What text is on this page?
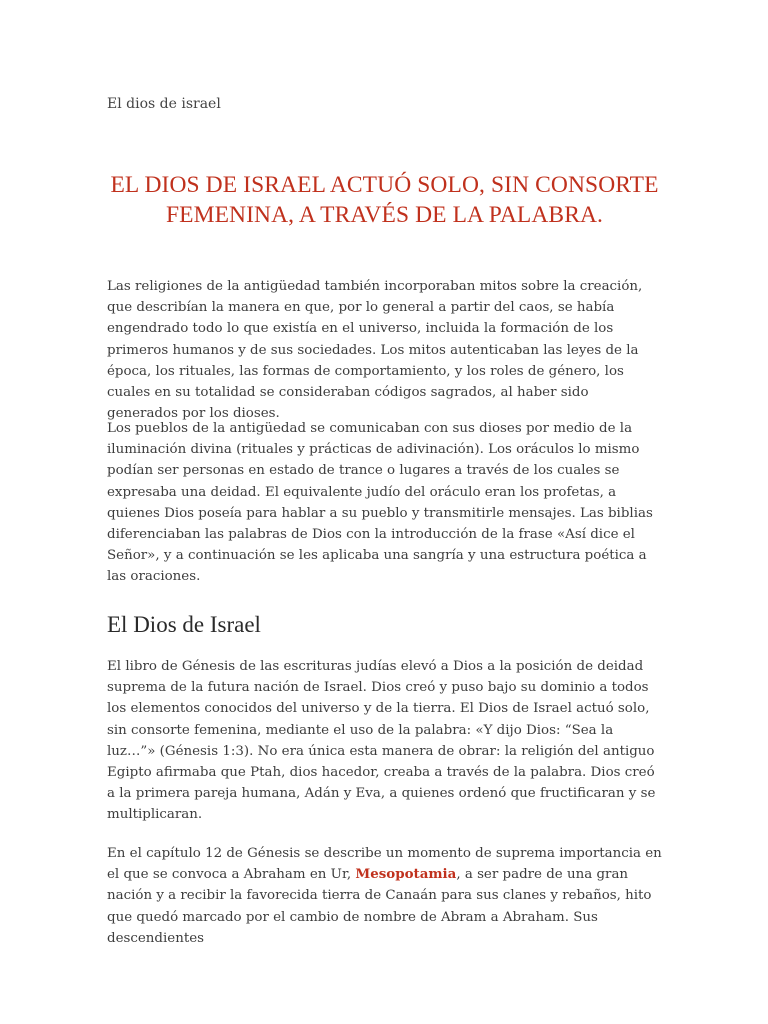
El dios de israel
EL DIOS DE ISRAEL ACTUÓ SOLO, SIN CONSORTE FEMENINA, A TRAVÉS DE LA PALABRA.

Las religiones de la antigüedad también incorporaban mitos sobre la creación, que describían la manera en que, por lo general a partir del caos, se había engendrado todo lo que existía en el universo, incluida la formación de los primeros humanos y de sus sociedades. Los mitos autenticaban las leyes de la época, los rituales, las formas de comportamiento, y los roles de género, los cuales en su totalidad se consideraban códigos sagrados, al haber sido generados por los dioses.

Los pueblos de la antigüedad se comunicaban con sus dioses por medio de la iluminación divina (rituales y prácticas de adivinación). Los oráculos lo mismo podían ser personas en estado de trance o lugares a través de los cuales se expresaba una deidad. El equivalente judío del oráculo eran los profetas, a quienes Dios poseía para hablar a su pueblo y transmitirle mensajes. Las biblias diferenciaban las palabras de Dios con la introducción de la frase «Así dice el Señor», y a continuación se les aplicaba una sangría y una estructura poética a las oraciones.

El Dios de Israel

El libro de Génesis de las escrituras judías elevó a Dios a la posición de deidad suprema de la futura nación de Israel. Dios creó y puso bajo su dominio a todos los elementos conocidos del universo y de la tierra. El Dios de Israel actuó solo, sin consorte femenina, mediante el uso de la palabra: «Y dijo Dios: “Sea la luz…”» (Génesis 1:3). No era única esta manera de obrar: la religión del antiguo Egipto afirmaba que Ptah, dios hacedor, creaba a través de la palabra. Dios creó a la primera pareja humana, Adán y Eva, a quienes ordenó que fructificaran y se multiplicaran.

En el capítulo 12 de Génesis se describe un momento de suprema importancia en el que se convoca a Abraham en Ur, Mesopotamia, a ser padre de una gran nación y a recibir la favorecida tierra de Canaán para sus clanes y rebaños, hito que quedó marcado por el cambio de nombre de Abram a Abraham. Sus descendientes
